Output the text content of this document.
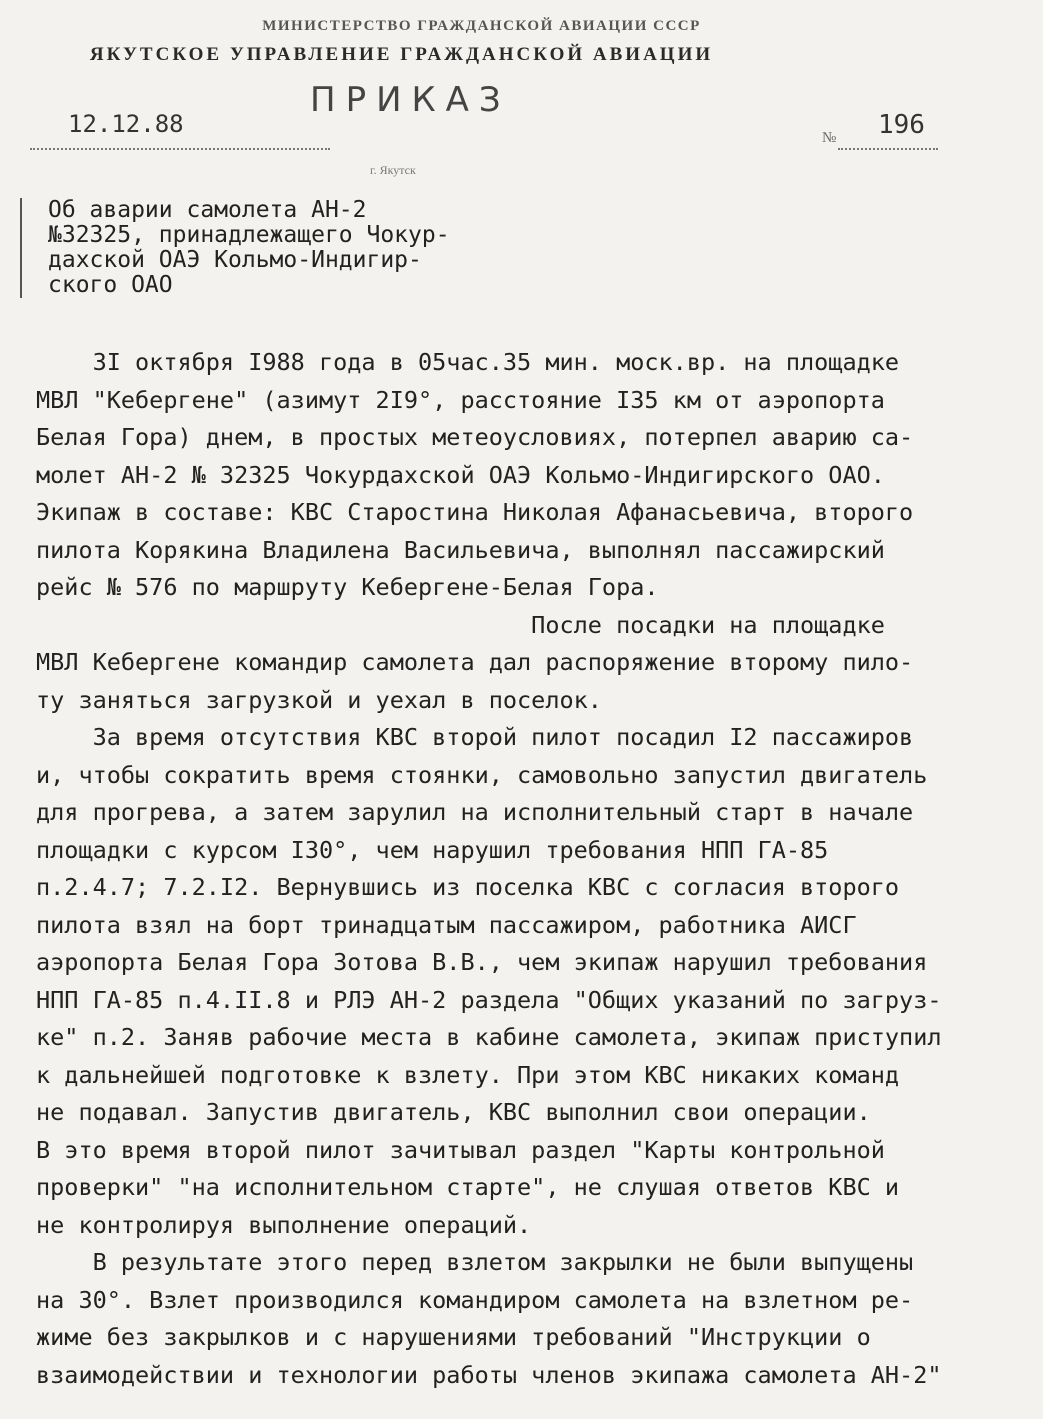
МИНИСТЕРСТВО ГРАЖДАНСКОЙ АВИАЦИИ СССР
ЯКУТСКОЕ УПРАВЛЕНИЕ ГРАЖДАНСКОЙ АВИАЦИИ
ПРИКАЗ
12.12.88	№ 196
г. Якутск
Об аварии самолета АН-2
№32325, принадлежащего Чокур-
дахской ОАЭ Кольмо-Индигир-
ского ОАО
3I октября I988 года в 05час.35 мин. моск.вр. на площадке
МВЛ "Кебергене" (азимут 2I9°, расстояние I35 км от аэропорта
Белая Гора) днем, в простых метеоусловиях, потерпел аварию са-
молет АН-2 № 32325 Чокурдахской ОАЭ Кольмо-Индигирского ОАО.
Экипаж в составе: КВС Старостина Николая Афанасьевича, второго
пилота Корякина Владилена Васильевича, выполнял пассажирский
рейс № 576 по маршруту Кебергене-Белая Гора.
После посадки на площадке
МВЛ Кебергене командир самолета дал распоряжение второму пило-
ту заняться загрузкой и уехал в поселок.
За время отсутствия КВС второй пилот посадил I2 пассажиров
и, чтобы сократить время стоянки, самовольно запустил двигатель
для прогрева, а затем зарулил на исполнительный старт в начале
площадки с курсом I30°, чем нарушил требования НПП ГА-85
п.2.4.7; 7.2.I2. Вернувшись из поселка КВС с согласия второго
пилота взял на борт тринадцатым пассажиром, работника АИСГ
аэропорта Белая Гора Зотова В.В., чем экипаж нарушил требования
НПП ГА-85 п.4.II.8 и РЛЭ АН-2 раздела "Общих указаний по загруз-
ке" п.2. Заняв рабочие места в кабине самолета, экипаж приступил
к дальнейшей подготовке к взлету. При этом КВС никаких команд
не подавал. Запустив двигатель, КВС выполнил свои операции.
В это время второй пилот зачитывал раздел "Карты контрольной
проверки" "на исполнительном старте", не слушая ответов КВС и
не контролируя выполнение операций.
В результате этого перед взлетом закрылки не были выпущены
на 30°. Взлет производился командиром самолета на взлетном ре-
жиме без закрылков и с нарушениями требований "Инструкции о
взаимодействии и технологии работы членов экипажа самолета АН-2"
